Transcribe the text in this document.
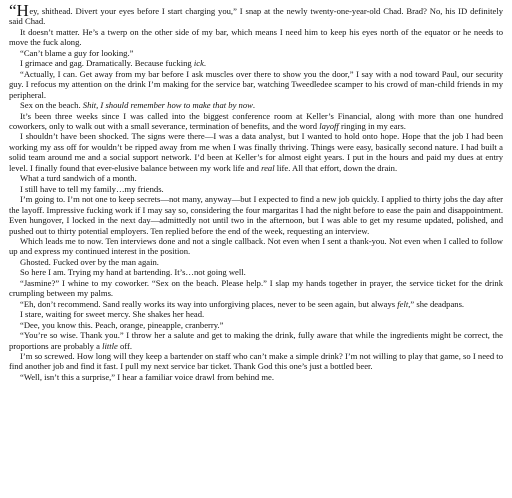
“Hey, shithead. Divert your eyes before I start charging you,” I snap at the newly twenty-one-year-old Chad. Brad? No, his ID definitely said Chad.

It doesn’t matter. He’s a twerp on the other side of my bar, which means I need him to keep his eyes north of the equator or he needs to move the fuck along.

“Can’t blame a guy for looking.”

I grimace and gag. Dramatically. Because fucking ick.

“Actually, I can. Get away from my bar before I ask muscles over there to show you the door,” I say with a nod toward Paul, our security guy. I refocus my attention on the drink I’m making for the service bar, watching Tweedledee scamper to his crowd of man-child friends in my peripheral.

Sex on the beach. Shit, I should remember how to make that by now.

It’s been three weeks since I was called into the biggest conference room at Keller’s Financial, along with more than one hundred coworkers, only to walk out with a small severance, termination of benefits, and the word layoff ringing in my ears.

I shouldn’t have been shocked. The signs were there—I was a data analyst, but I wanted to hold onto hope. Hope that the job I had been working my ass off for wouldn’t be ripped away from me when I was finally thriving. Things were easy, basically second nature. I had built a solid team around me and a social support network. I’d been at Keller’s for almost eight years. I put in the hours and paid my dues at entry level. I finally found that ever-elusive balance between my work life and real life. All that effort, down the drain.

What a turd sandwich of a month.

I still have to tell my family…my friends.

I’m going to. I’m not one to keep secrets—not many, anyway—but I expected to find a new job quickly. I applied to thirty jobs the day after the layoff. Impressive fucking work if I may say so, considering the four margaritas I had the night before to ease the pain and disappointment. Even hungover, I locked in the next day—admittedly not until two in the afternoon, but I was able to get my resume updated, polished, and pushed out to thirty potential employers. Ten replied before the end of the week, requesting an interview.

Which leads me to now. Ten interviews done and not a single callback. Not even when I sent a thank-you. Not even when I called to follow up and express my continued interest in the position.

Ghosted. Fucked over by the man again.

So here I am. Trying my hand at bartending. It’s…not going well.

“Jasmine?” I whine to my coworker. “Sex on the beach. Please help.” I slap my hands together in prayer, the service ticket for the drink crumpling between my palms.

“Eh, don’t recommend. Sand really works its way into unforgiving places, never to be seen again, but always felt,” she deadpans.

I stare, waiting for sweet mercy. She shakes her head.

“Dee, you know this. Peach, orange, pineapple, cranberry.”

“You’re so wise. Thank you.” I throw her a salute and get to making the drink, fully aware that while the ingredients might be correct, the proportions are probably a little off.

I’m so screwed. How long will they keep a bartender on staff who can’t make a simple drink? I’m not willing to play that game, so I need to find another job and find it fast. I pull my next service bar ticket. Thank God this one’s just a bottled beer.

“Well, isn’t this a surprise,” I hear a familiar voice drawl from behind me.
